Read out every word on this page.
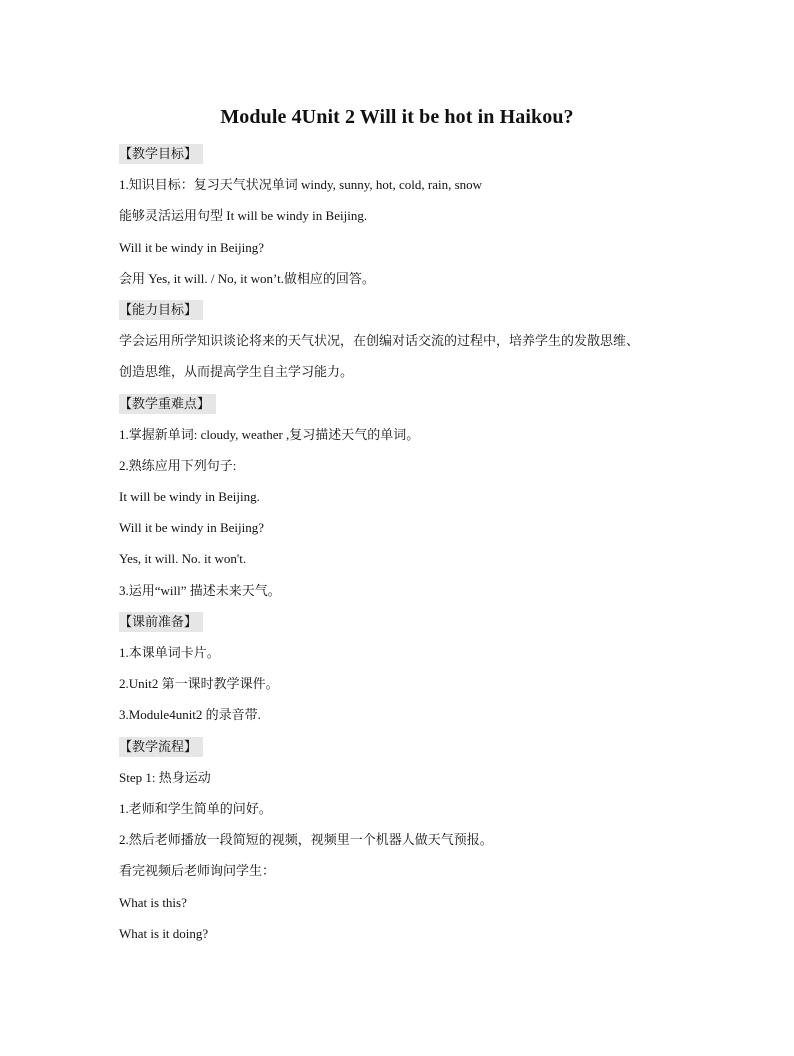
Module 4Unit 2 Will it be hot in Haikou?
【教学目标】
1.知识目标：复习天气状况单词 windy, sunny, hot, cold, rain, snow
能够灵活运用句型 It will be windy in Beijing.
Will it be windy in Beijing?
会用 Yes, it will. / No, it won’t.做相应的回答。
【能力目标】
学会运用所学知识谈论将来的天气状况，在创编对话交流的过程中，培养学生的发散思维、
创造思维，从而提高学生自主学习能力。
【教学重难点】
1.掌握新单词: cloudy, weather ,复习描述天气的单词。
2.熟练应用下列句子:
It will be windy in Beijing.
Will it be windy in Beijing?
Yes, it will. No. it won't.
3.运用“will” 描述未来天气。
【课前准备】
1.本课单词卡片。
2.Unit2 第一课时教学课件。
3.Module4unit2 的录音带.
【教学流程】
Step 1: 热身运动
1.老师和学生简单的问好。
2.然后老师播放一段简短的视频，视频里一个机器人做天气预报。
看完视频后老师询问学生：
What is this?
What is it doing?
